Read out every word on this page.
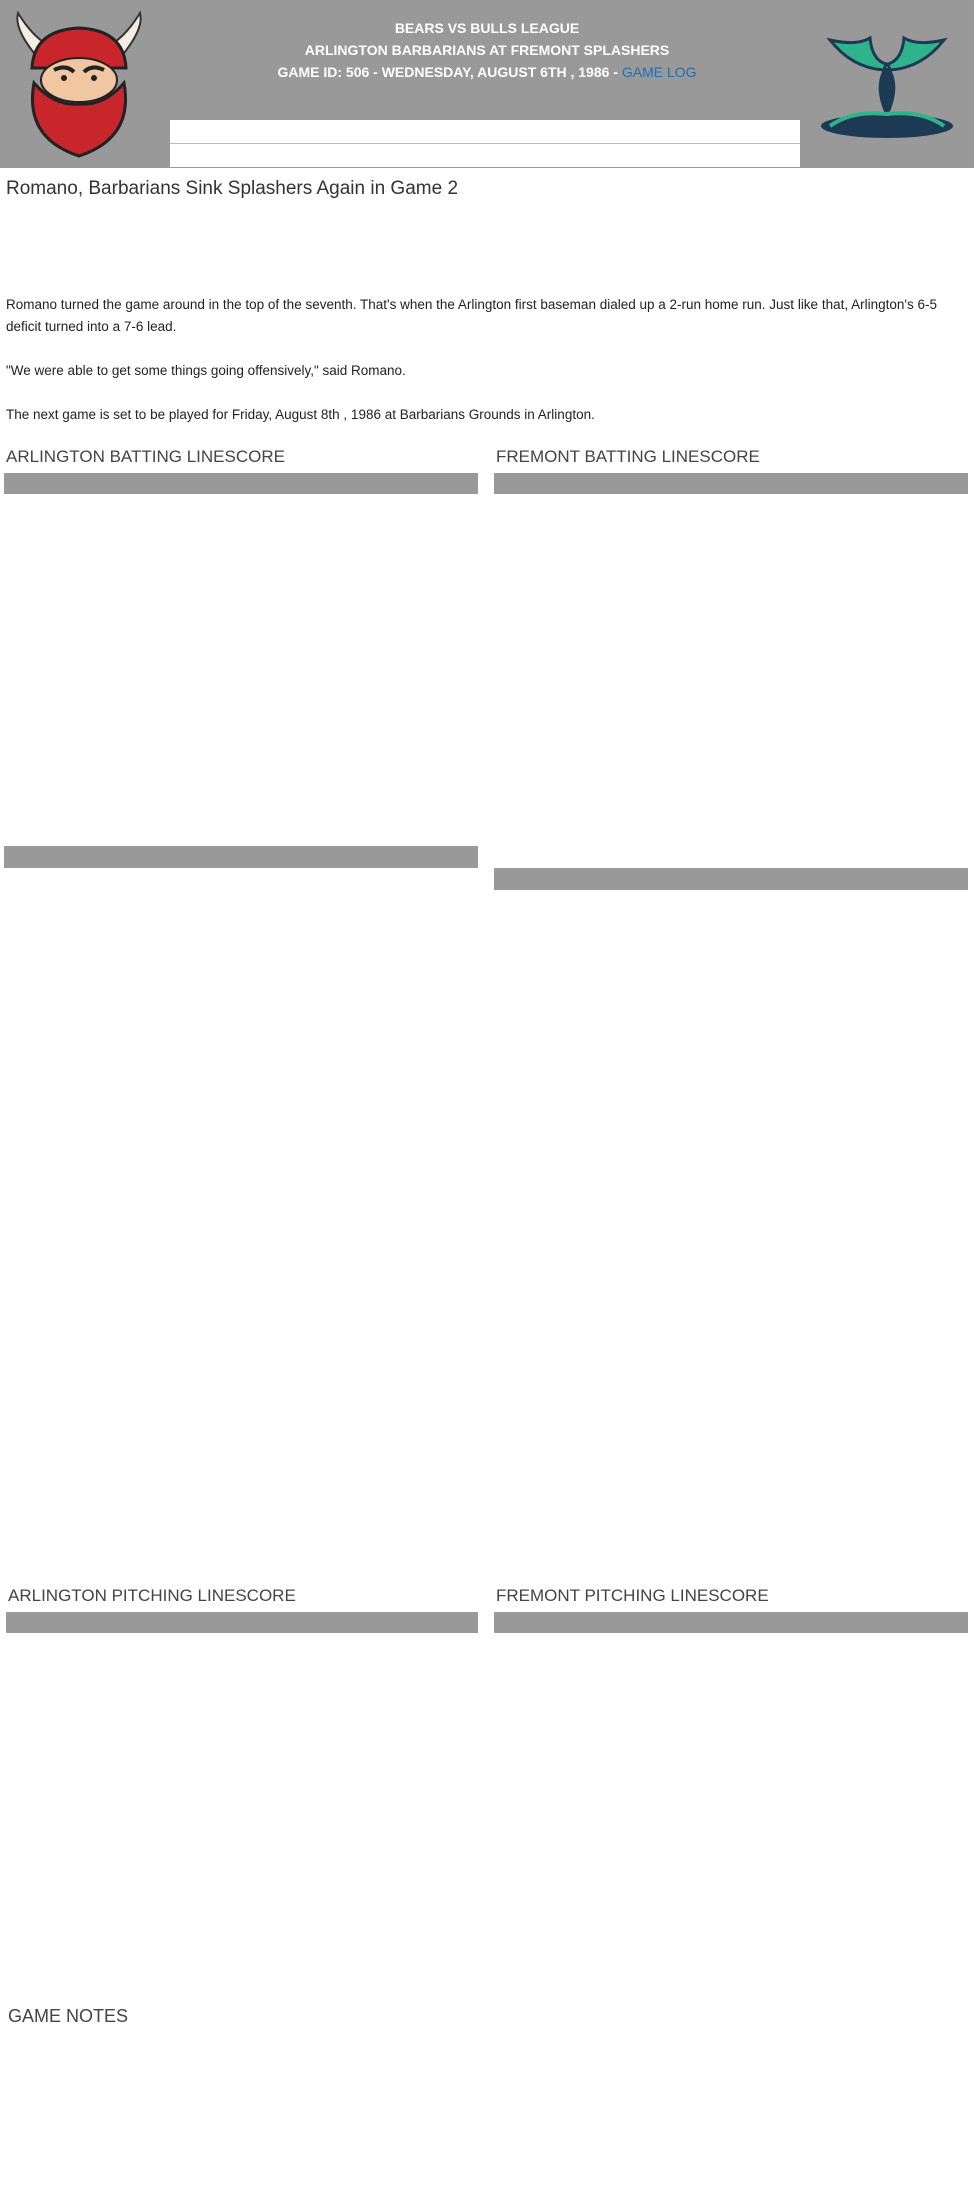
BEARS VS BULLS LEAGUE
ARLINGTON BARBARIANS AT FREMONT SPLASHERS
GAME ID: 506 - WEDNESDAY, AUGUST 6TH , 1986 - GAME LOG

Romano, Barbarians Sink Splashers Again in Game 2
Romano turned the game around in the top of the seventh. That's when the Arlington first baseman dialed up a 2-run home run. Just like that, Arlington's 6-5 deficit turned into a 7-6 lead.
"We were able to get some things going offensively," said Romano.
The next game is set to be played for Friday, August 8th , 1986 at Barbarians Grounds in Arlington.
ARLINGTON BATTING LINESCORE

											FREMONT BATTING LINESCORE

ARLINGTON PITCHING LINESCORE

										FREMONT PITCHING LINESCORE

GAME NOTES
